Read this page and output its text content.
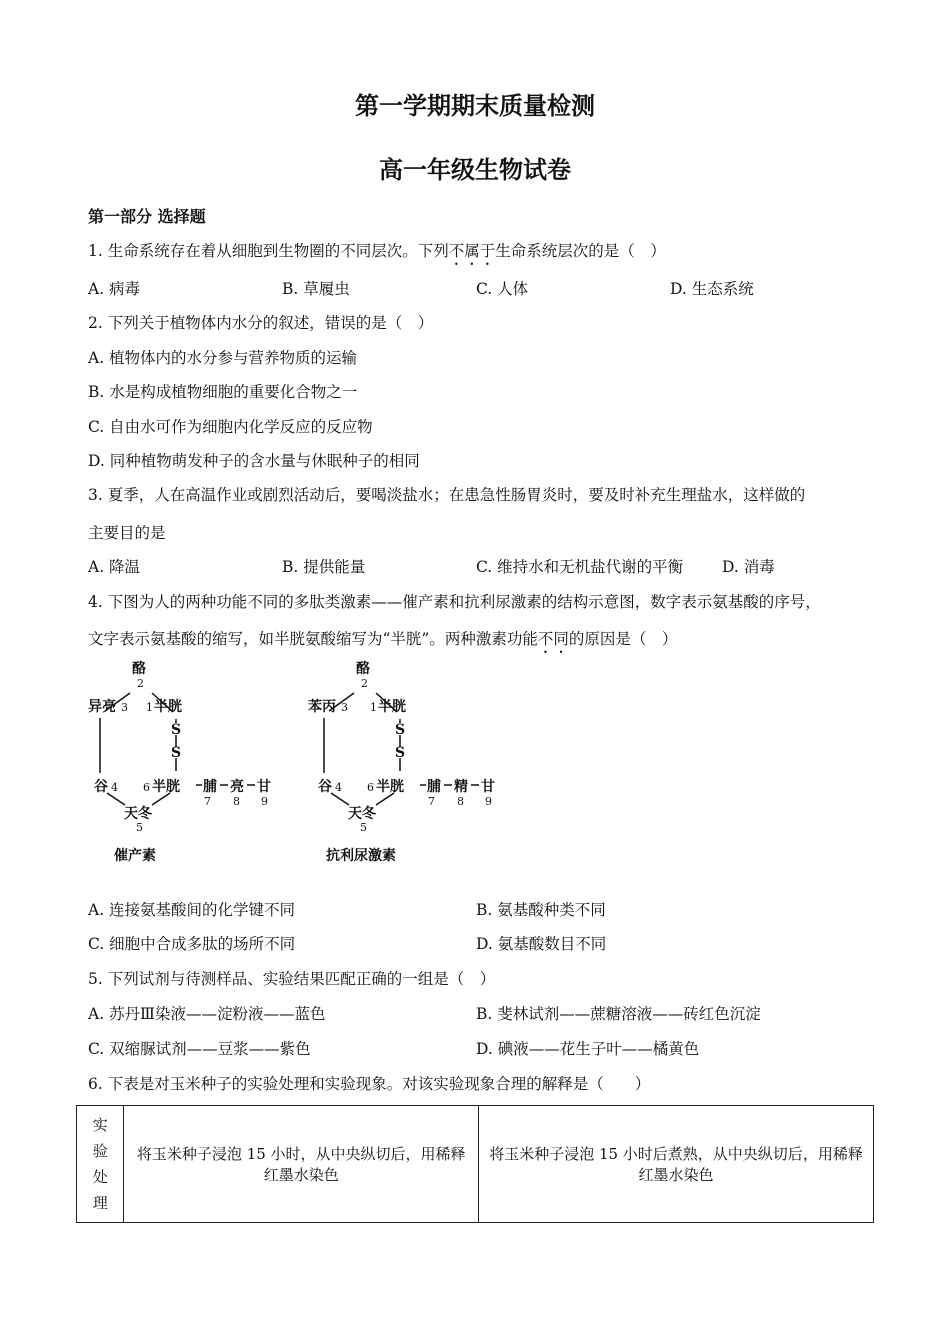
第一学期期末质量检测
高一年级生物试卷
第一部分 选择题
1. 生命系统存在着从细胞到生物圈的不同层次。下列不属于生命系统层次的是（　）
A. 病毒	B. 草履虫	C. 人体	D. 生态系统
2. 下列关于植物体内水分的叙述，错误的是（　）
A. 植物体内的水分参与营养物质的运输
B. 水是构成植物细胞的重要化合物之一
C. 自由水可作为细胞内化学反应的反应物
D. 同种植物萌发种子的含水量与休眠种子的相同
3. 夏季，人在高温作业或剧烈活动后，要喝淡盐水；在患急性肠胃炎时，要及时补充生理盐水，这样做的
主要目的是
A. 降温	B. 提供能量	C. 维持水和无机盐代谢的平衡	D. 消毒
4. 下图为人的两种功能不同的多肽类激素——催产素和抗利尿激素的结构示意图，数字表示氨基酸的序号，
文字表示氨基酸的缩写，如半胱氨酸缩写为“半胱”。两种激素功能不同的原因是（　）
酪
异亮	半胱
S
S
谷	半胱 脯 亮 甘
天冬
催产素
酪
苯丙	半胱
S
S
谷	半胱 脯 精 甘
天冬
抗利尿激素
2
3 1
4 6
7 8 9
5
2
3 1
4 6
7 8 9
5
A. 连接氨基酸间的化学键不同	B. 氨基酸种类不同
C. 细胞中合成多肽的场所不同	D. 氨基酸数目不同
5. 下列试剂与待测样品、实验结果匹配正确的一组是（　）
A. 苏丹Ⅲ染液——淀粉液——蓝色	B. 斐林试剂——蔗糖溶液——砖红色沉淀
C. 双缩脲试剂——豆浆——紫色	D. 碘液——花生子叶——橘黄色
6. 下表是对玉米种子的实验处理和实验现象。对该实验现象合理的解释是（　　）
实验处理	将玉米种子浸泡 15 小时，从中央纵切后，用稀释红墨水染色	将玉米种子浸泡 15 小时后煮熟，从中央纵切后，用稀释红墨水染色
